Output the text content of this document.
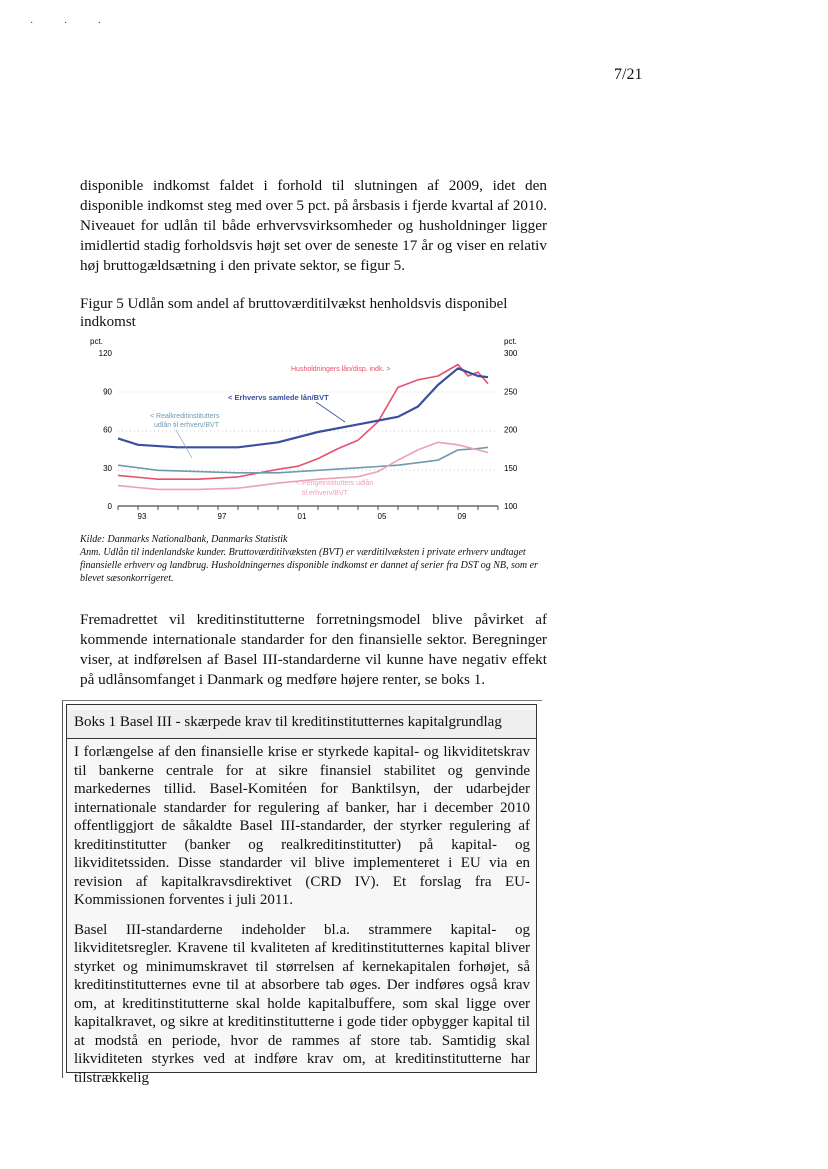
· · ·
7/21

disponible indkomst faldet i forhold til slutningen af 2009, idet den disponible indkomst steg med over 5 pct. på årsbasis i fjerde kvartal af 2010. Niveauet for udlån til både erhvervsvirksomheder og husholdninger ligger imidlertid stadig forholdsvis højt set over de seneste 17 år og viser en relativ høj bruttogældsætning i den private sektor, se figur 5.

Figur 5 Udlån som andel af bruttoværditilvækst henholdsvis disponibel indkomst

pct.	pct.
120
90
60
30
0
300
250
200
150
100
93	97	01	05	09
Husholdningers lån/disp. indk. >
< Erhvervs samlede lån/BVT
< Realkreditinstitutters
udlån til erhverv/BVT
< Pengeinstitutters udlån
til erhverv/BVT
Kilde: Danmarks Nationalbank, Danmarks Statistik
Anm. Udlån til indenlandske kunder. Bruttoværditilvæksten (BVT) er værditilvæksten i private erhverv undtaget finansielle erhverv og landbrug. Husholdningernes disponible indkomst er dannet af serier fra DST og NB, som er blevet sæsonkorrigeret.

Fremadrettet vil kreditinstitutterne forretningsmodel blive påvirket af kommende internationale standarder for den finansielle sektor. Beregninger viser, at indførelsen af Basel III-standarderne vil kunne have negativ effekt på udlånsomfanget i Danmark og medføre højere renter, se boks 1.

Boks 1 Basel III - skærpede krav til kreditinstitutternes kapitalgrundlag

I forlængelse af den finansielle krise er styrkede kapital- og likviditetskrav til bankerne centrale for at sikre finansiel stabilitet og genvinde markedernes tillid. Basel-Komitéen for Banktilsyn, der udarbejder internationale standarder for regulering af banker, har i december 2010 offentliggjort de såkaldte Basel III-standarder, der styrker regulering af kreditinstitutter (banker og realkreditinstitutter) på kapital- og likviditetssiden. Disse standarder vil blive implementeret i EU via en revision af kapitalkravsdirektivet (CRD IV). Et forslag fra EU-Kommissionen forventes i juli 2011.

Basel III-standarderne indeholder bl.a. strammere kapital- og likviditetsregler. Kravene til kvaliteten af kreditinstitutternes kapital bliver styrket og minimumskravet til størrelsen af kernekapitalen forhøjet, så kreditinstitutternes evne til at absorbere tab øges. Der indføres også krav om, at kreditinstitutterne skal holde kapitalbuffere, som skal ligge over kapitalkravet, og sikre at kreditinstitutterne i gode tider opbygger kapital til at modstå en periode, hvor de rammes af store tab. Samtidig skal likviditeten styrkes ved at indføre krav om, at kreditinstitutterne har tilstrækkelig
